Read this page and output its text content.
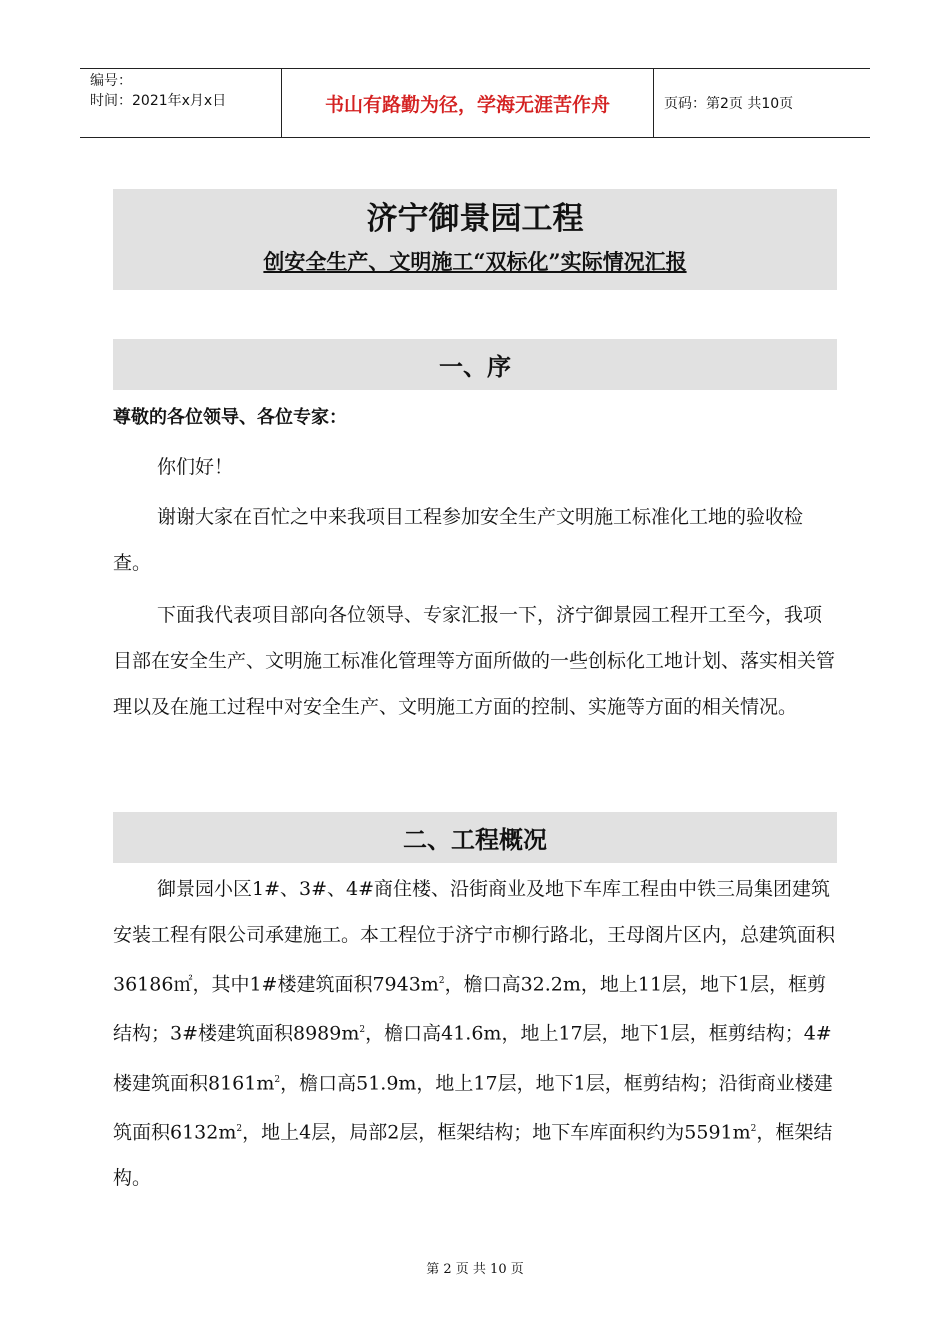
编号：
时间：2021年x月x日	书山有路勤为径，学海无涯苦作舟	页码：第2页 共10页
济宁御景园工程
创安全生产、文明施工“双标化”实际情况汇报
一、序
尊敬的各位领导、各位专家：
你们好！
谢谢大家在百忙之中来我项目工程参加安全生产文明施工标准化工地的验收检查。
下面我代表项目部向各位领导、专家汇报一下，济宁御景园工程开工至今，我项目部在安全生产、文明施工标准化管理等方面所做的一些创标化工地计划、落实相关管理以及在施工过程中对安全生产、文明施工方面的控制、实施等方面的相关情况。
二、工程概况
御景园小区1#、3#、4#商住楼、沿街商业及地下车库工程由中铁三局集团建筑安装工程有限公司承建施工。本工程位于济宁市柳行路北，王母阁片区内，总建筑面积36186㎡，其中1#楼建筑面积$7943m^2$，檐口高32.2m，地上11层，地下1层，框剪结构；3#楼建筑面积$8989m^2$，檐口高41.6m，地上17层，地下1层，框剪结构；4#楼建筑面积$8161m^2$，檐口高51.9m，地上17层，地下1层，框剪结构；沿街商业楼建筑面积$6132m^2$，地上4层，局部2层，框架结构；地下车库面积约为$5591m^2$，框架结构。
第 2 页 共 10 页
